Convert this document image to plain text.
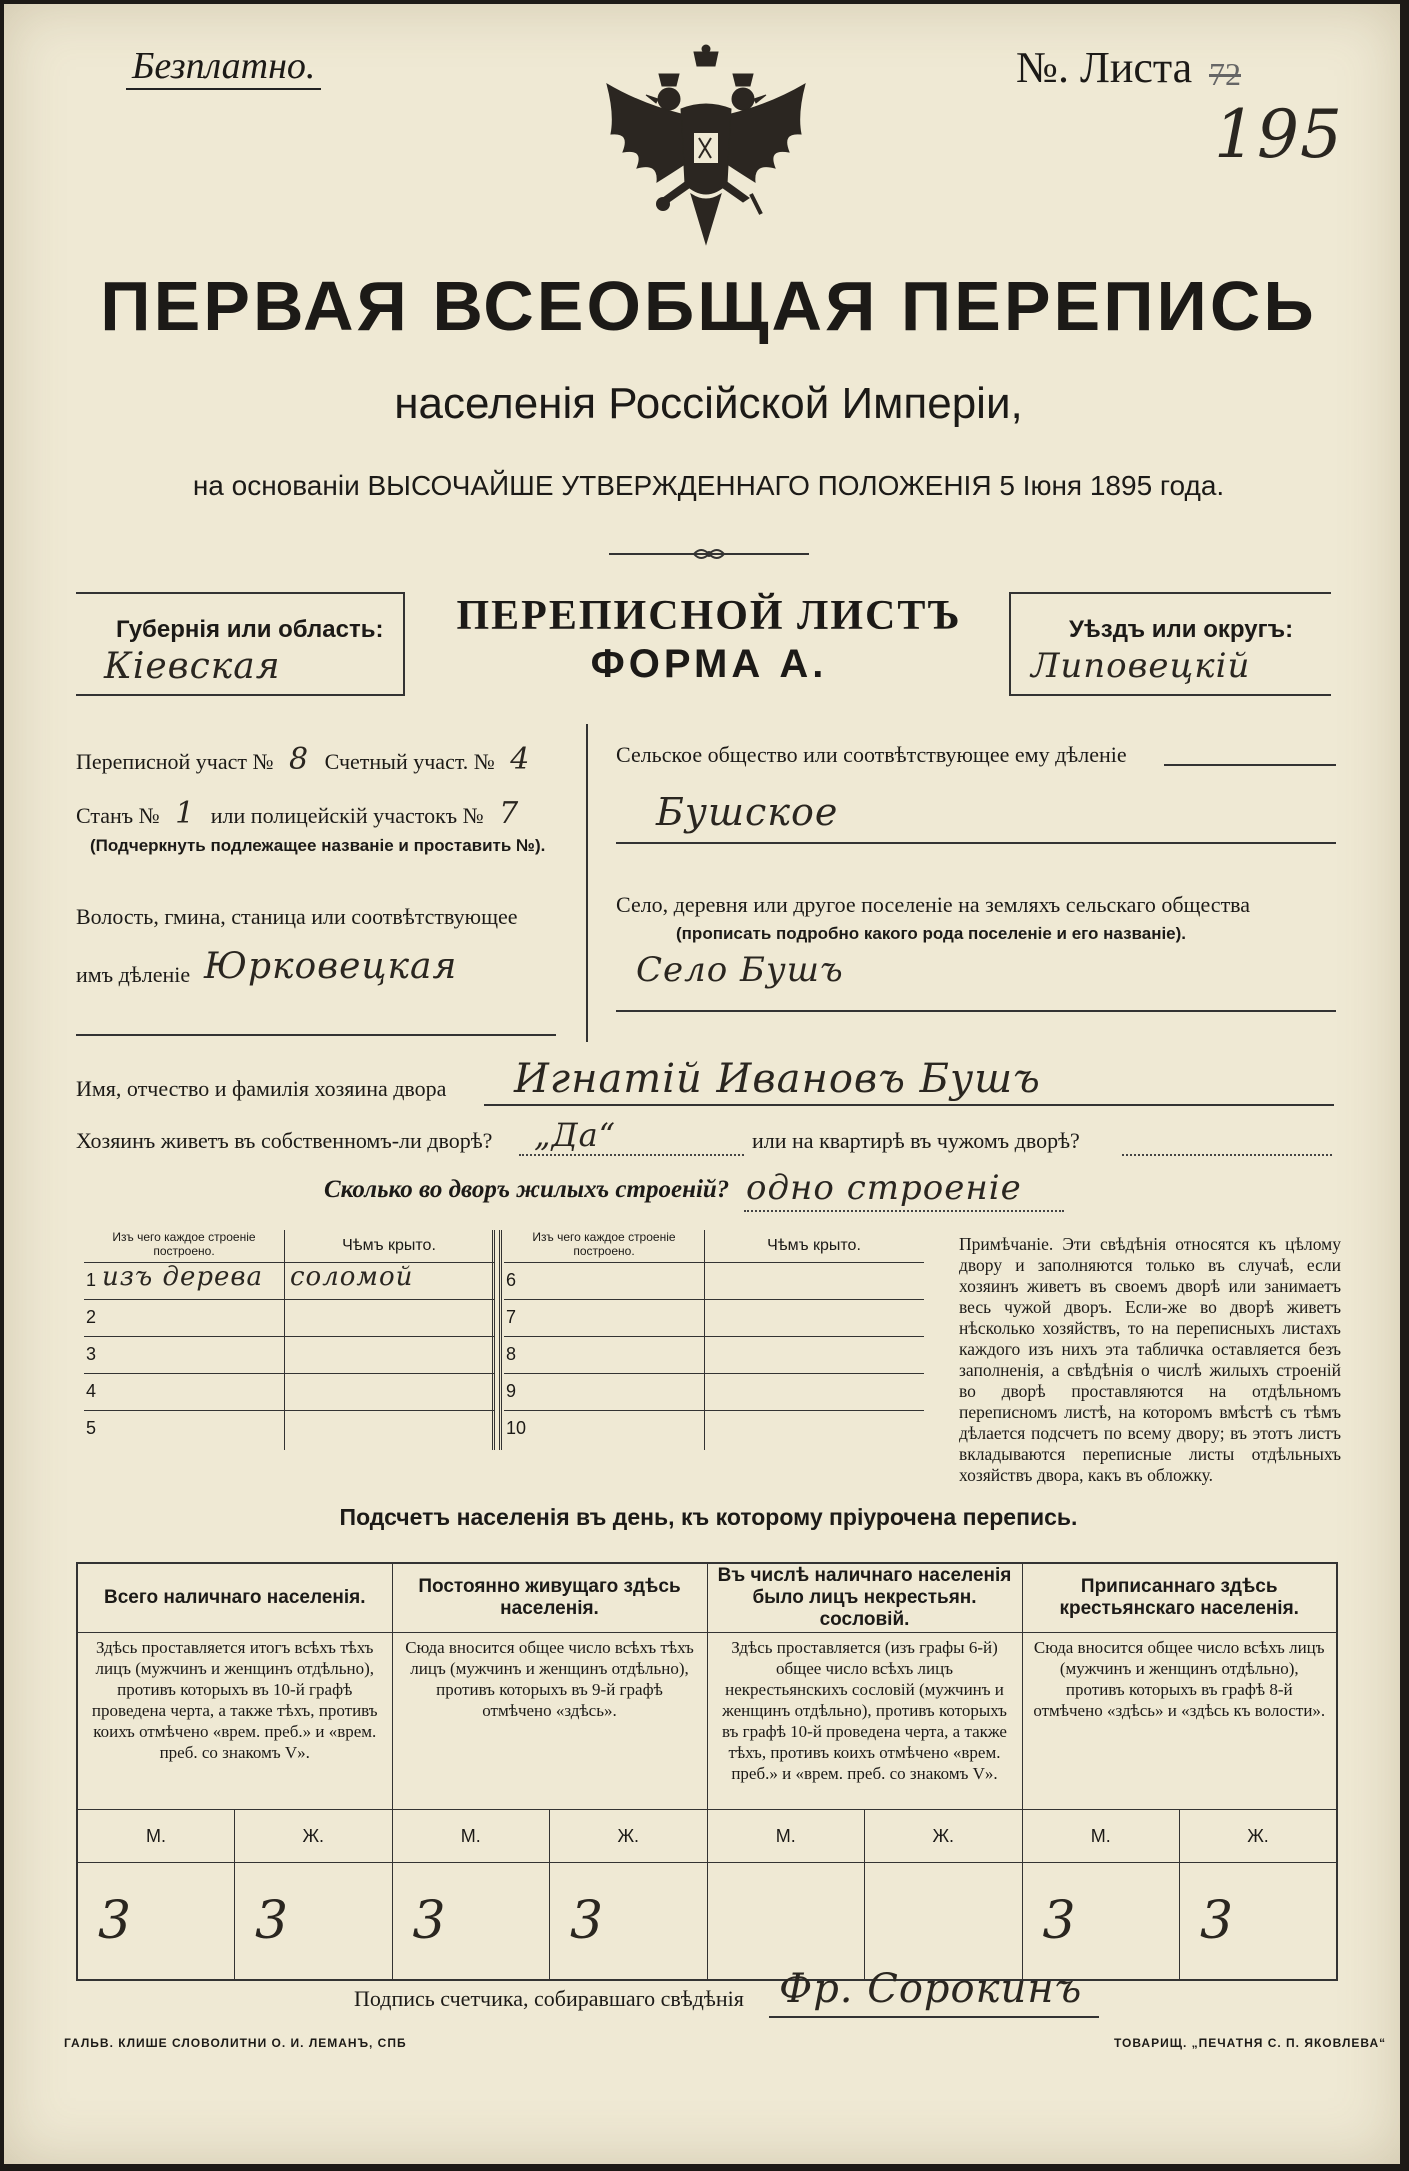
Безплатно.	№. Листа 72
195
ПЕРВАЯ ВСЕОБЩАЯ ПЕРЕПИСЬ
населенія Россійской Имперіи,
на основаніи ВЫСОЧАЙШЕ УТВЕРЖДЕННАГО ПОЛОЖЕНІЯ 5 Іюня 1895 года.
Губернія или область:
Кіевская
ПЕРЕПИСНОЙ ЛИСТЪ
ФОРМА А.
Уѣздъ или округъ:
Липовецкій
Переписной участ № 8 Счетный участ. № 4
Станъ № 1 или полицейскій участокъ № 7
(Подчеркнуть подлежащее названіе и проставить №).
Волость, гмина, станица или соотвѣтствующее
имъ дѣленіе Юрковецкая
Сельское общество или соотвѣтствующее ему дѣленіе
Бушское
Село, деревня или другое поселеніе на земляхъ сельскаго общества
(прописать подробно какого рода поселеніе и его названіе).
Село Бушъ
Имя, отчество и фамилія хозяина двора Игнатій Ивановъ Бушъ
Хозяинъ живетъ въ собственномъ-ли дворѣ? „Да“	или на квартирѣ въ чужомъ дворѣ?
Сколько во дворъ жилыхъ строеній? одно строеніе
Изъ чего каждое строеніе построено.	Чѣмъ крыто.
1 изъ дерева соломой
2
3
4
5
Изъ чего каждое строеніе построено.	Чѣмъ крыто.
6
7
8
9
10
Примѣчаніе. Эти свѣдѣнія относятся къ цѣлому двору и заполняются только въ случаѣ, если хозяинъ живетъ въ своемъ дворѣ или занимаетъ весь чужой дворъ. Если-же во дворѣ живетъ нѣсколько хозяйствъ, то на переписныхъ листахъ каждого изъ нихъ эта табличка оставляется безъ заполненія, а свѣдѣнія о числѣ жилыхъ строеній во дворѣ проставляются на отдѣльномъ переписномъ листѣ, на которомъ вмѣстѣ съ тѣмъ дѣлается подсчетъ по всему двору; въ этотъ листъ вкладываются переписные листы отдѣльныхъ хозяйствъ двора, какъ въ обложку.
Подсчетъ населенія въ день, къ которому пріурочена перепись.
Всего наличнаго населенія.		Постоянно живущаго здѣсь населенія.		Въ числѣ наличнаго населенія было лицъ некрестьян. сословій.		Приписаннаго здѣсь крестьянскаго населенія.	
Здѣсь проставляется итогъ всѣхъ тѣхъ лицъ (мужчинъ и женщинъ отдѣльно), противъ которыхъ въ 10-й графѣ проведена черта, а также тѣхъ, противъ коихъ отмѣчено «врем. преб.» и «врем. преб. со знакомъ V».		Сюда вносится общее число всѣхъ тѣхъ лицъ (мужчинъ и женщинъ отдѣльно), противъ которыхъ въ 9-й графѣ отмѣчено «здѣсь».		Здѣсь проставляется (изъ графы 6-й) общее число всѣхъ лицъ некрестьянскихъ сословій (мужчинъ и женщинъ отдѣльно), противъ которыхъ въ графѣ 10-й проведена черта, а также тѣхъ, противъ коихъ отмѣчено «врем. преб.» и «врем. преб. со знакомъ V».		Сюда вносится общее число всѣхъ лицъ (мужчинъ и женщинъ отдѣльно), противъ которыхъ въ графѣ 8-й отмѣчено «здѣсь» и «здѣсь къ волости».	
М.	Ж.	М.	Ж.	М.	Ж.	М.	Ж.
3	3	3	3			3	3
Подпись счетчика, собиравшаго свѣдѣнія Фр. Сорокинъ
ГАЛЬВ. КЛИШЕ СЛОВОЛИТНИ О. И. ЛЕМАНЪ, СПБ	ТОВАРИЩ. „ПЕЧАТНЯ С. П. ЯКОВЛЕВА“
